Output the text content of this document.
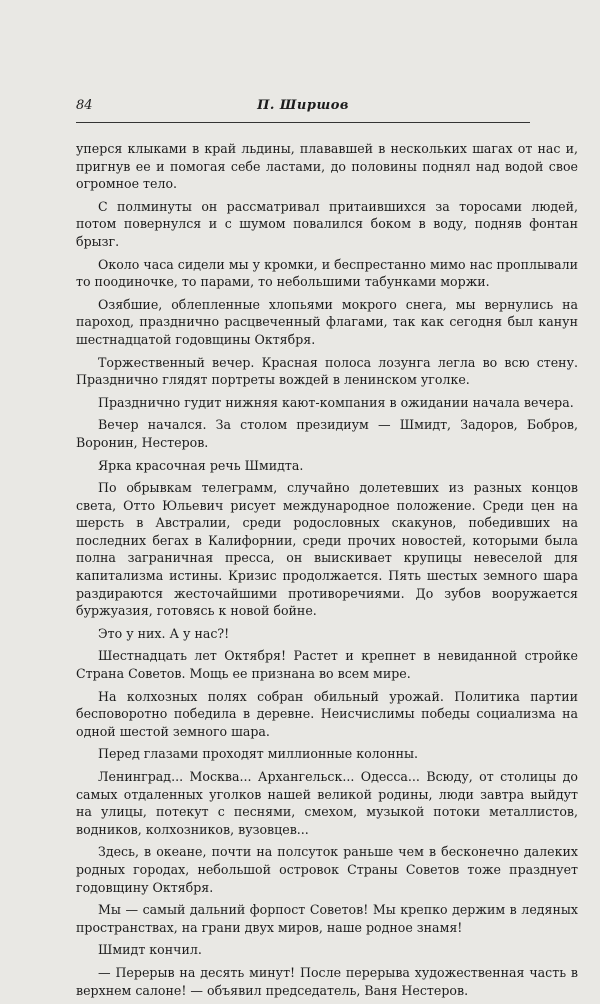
84	П. Ширшов

уперся клыками в край льдины, плававшей в нескольких шагах от нас и, пригнув ее и помогая себе ластами, до половины поднял над водой свое огромное тело.

С полминуты он рассматривал притаившихся за торосами людей, потом повернулся и с шумом повалился боком в воду, подняв фонтан брызг.

Около часа сидели мы у кромки, и беспрестанно мимо нас проплывали то поодиночке, то парами, то небольшими табунками моржи.

Озябшие, облепленные хлопьями мокрого снега, мы вернулись на пароход, празднично расцвеченный флагами, так как сегодня был канун шестнадцатой годовщины Октября.

Торжественный вечер. Красная полоса лозунга легла во всю стену. Празднично глядят портреты вождей в ленинском уголке.

Празднично гудит нижняя кают-компания в ожидании начала вечера.

Вечер начался. За столом президиум — Шмидт, Задоров, Бобров, Воронин, Нестеров.

Ярка красочная речь Шмидта.

По обрывкам телеграмм, случайно долетевших из разных концов света, Отто Юльевич рисует международное положение. Среди цен на шерсть в Австралии, среди родословных скакунов, победивших на последних бегах в Калифорнии, среди прочих новостей, которыми была полна заграничная пресса, он выискивает крупицы невеселой для капитализма истины. Кризис продолжается. Пять шестых земного шара раздираются жесточайшими противоречиями. До зубов вооружается буржуазия, готовясь к новой бойне.

Это у них. А у нас?!

Шестнадцать лет Октября! Растет и крепнет в невиданной стройке Страна Советов. Мощь ее признана во всем мире.

На колхозных полях собран обильный урожай. Политика партии бесповоротно победила в деревне. Неисчислимы победы социализма на одной шестой земного шара.

Перед глазами проходят миллионные колонны.

Ленинград... Москва... Архангельск... Одесса... Всюду, от столицы до самых отдаленных уголков нашей великой родины, люди завтра выйдут на улицы, потекут с песнями, смехом, музыкой потоки металлистов, водников, колхозников, вузовцев...

Здесь, в океане, почти на полсуток раньше чем в бесконечно далеких родных городах, небольшой островок Страны Советов тоже празднует годовщину Октября.

Мы — самый дальний форпост Советов! Мы крепко держим в ледяных пространствах, на грани двух миров, наше родное знамя!

Шмидт кончил.

— Перерыв на десять минут! После перерыва художественная часть в верхнем салоне! — объявил председатель, Ваня Нестеров.
